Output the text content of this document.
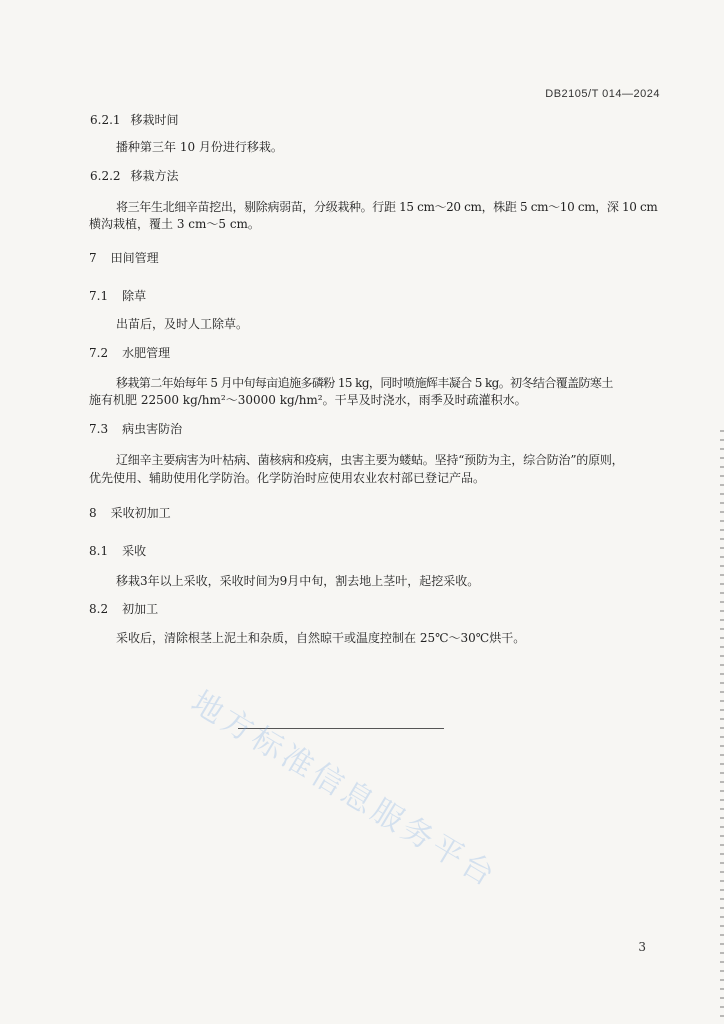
DB2105/T 014—2024
6.2.1 移栽时间
播种第三年 10 月份进行移栽。
6.2.2 移栽方法
将三年生北细辛苗挖出，剔除病弱苗，分级栽种。行距 15 cm～20 cm，株距 5 cm～10 cm，深 10 cm
横沟栽植，覆土 3 cm～5 cm。
7 田间管理
7.1 除草
出苗后，及时人工除草。
7.2 水肥管理
移栽第二年始每年 5 月中旬每亩追施多磷粉 15 kg，同时喷施辉丰凝合 5 kg。初冬结合覆盖防寒土
施有机肥 22500 kg/hm²～30000 kg/hm²。干旱及时浇水，雨季及时疏灌积水。
7.3 病虫害防治
辽细辛主要病害为叶枯病、菌核病和疫病，虫害主要为蝼蛄。坚持“预防为主，综合防治”的原则，
优先使用、辅助使用化学防治。化学防治时应使用农业农村部已登记产品。
8 采收初加工
8.1 采收
移栽3年以上采收，采收时间为9月中旬，割去地上茎叶，起挖采收。
8.2 初加工
采收后，清除根茎上泥土和杂质，自然晾干或温度控制在 25℃～30℃烘干。
地方标准信息服务平台
3
